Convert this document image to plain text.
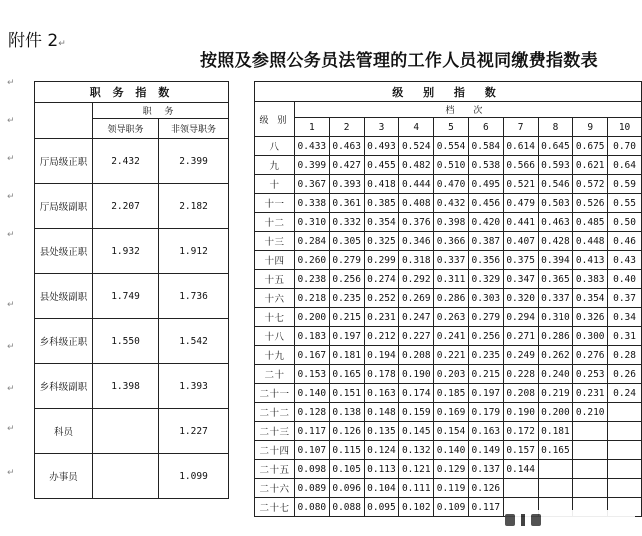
附件 2↵
按照及参照公务员法管理的工作人员视同缴费指数表
↵
↵
↵
↵
↵
↵
↵
↵
↵
↵
职 务 指 数		
	职 务	
	领导职务	非领导职务
厅局级正职	2.432	2.399
厅局级副职	2.207	2.182
县处级正职	1.932	1.912
县处级副职	1.749	1.736
乡科级正职	1.550	1.542
乡科级副职	1.398	1.393
科员		1.227
办事员		1.099
级 别 指 数										
级 别	档 次									
	1	2	3	4	5	6	7	8	9	10
八	0.433	0.463	0.493	0.524	0.554	0.584	0.614	0.645	0.675	0.70
九	0.399	0.427	0.455	0.482	0.510	0.538	0.566	0.593	0.621	0.64
十	0.367	0.393	0.418	0.444	0.470	0.495	0.521	0.546	0.572	0.59
十一	0.338	0.361	0.385	0.408	0.432	0.456	0.479	0.503	0.526	0.55
十二	0.310	0.332	0.354	0.376	0.398	0.420	0.441	0.463	0.485	0.50
十三	0.284	0.305	0.325	0.346	0.366	0.387	0.407	0.428	0.448	0.46
十四	0.260	0.279	0.299	0.318	0.337	0.356	0.375	0.394	0.413	0.43
十五	0.238	0.256	0.274	0.292	0.311	0.329	0.347	0.365	0.383	0.40
十六	0.218	0.235	0.252	0.269	0.286	0.303	0.320	0.337	0.354	0.37
十七	0.200	0.215	0.231	0.247	0.263	0.279	0.294	0.310	0.326	0.34
十八	0.183	0.197	0.212	0.227	0.241	0.256	0.271	0.286	0.300	0.31
十九	0.167	0.181	0.194	0.208	0.221	0.235	0.249	0.262	0.276	0.28
二十	0.153	0.165	0.178	0.190	0.203	0.215	0.228	0.240	0.253	0.26
二十一	0.140	0.151	0.163	0.174	0.185	0.197	0.208	0.219	0.231	0.24
二十二	0.128	0.138	0.148	0.159	0.169	0.179	0.190	0.200	0.210	
二十三	0.117	0.126	0.135	0.145	0.154	0.163	0.172	0.181		
二十四	0.107	0.115	0.124	0.132	0.140	0.149	0.157	0.165		
二十五	0.098	0.105	0.113	0.121	0.129	0.137	0.144			
二十六	0.089	0.096	0.104	0.111	0.119	0.126				
二十七	0.080	0.088	0.095	0.102	0.109	0.117				
